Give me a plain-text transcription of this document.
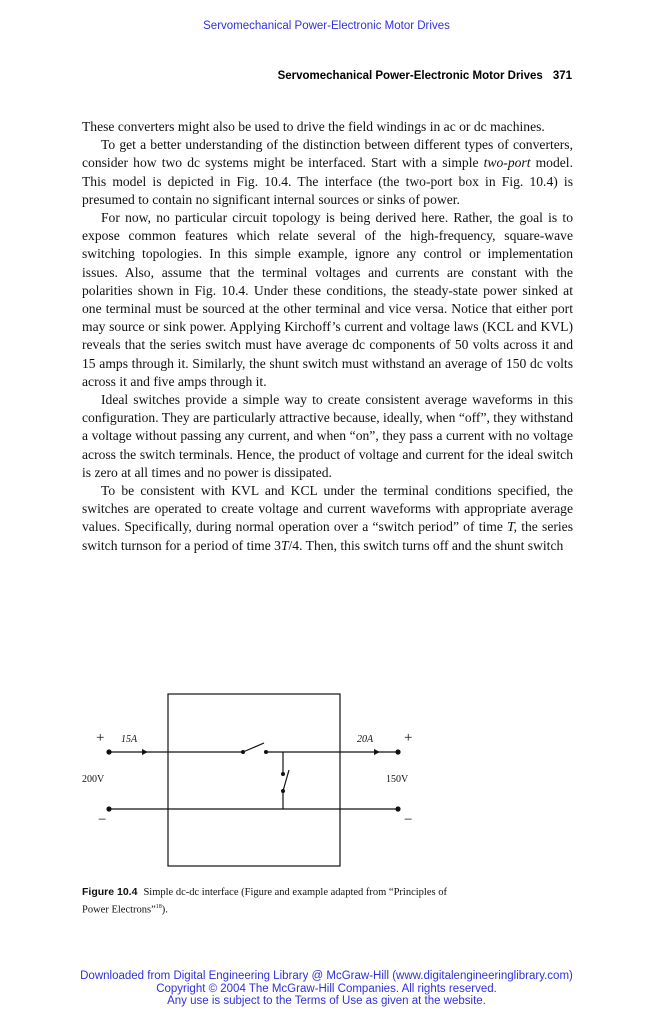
Servomechanical Power-Electronic Motor Drives
Servomechanical Power-Electronic Motor Drives 371

These converters might also be used to drive the field windings in ac or dc machines.

To get a better understanding of the distinction between different types of converters, consider how two dc systems might be interfaced. Start with a simple two-port model. This model is depicted in Fig. 10.4. The interface (the two-port box in Fig. 10.4) is presumed to contain no significant internal sources or sinks of power.

For now, no particular circuit topology is being derived here. Rather, the goal is to expose common features which relate several of the high-frequency, square-wave switching topologies. In this simple example, ignore any control or implementation issues. Also, assume that the terminal voltages and currents are constant with the polarities shown in Fig. 10.4. Under these conditions, the steady-state power sinked at one terminal must be sourced at the other terminal and vice versa. Notice that either port may source or sink power. Applying Kirchoff’s current and voltage laws (KCL and KVL) reveals that the series switch must have average dc components of 50 volts across it and 15 amps through it. Similarly, the shunt switch must withstand an average of 150 dc volts across it and five amps through it.

Ideal switches provide a simple way to create consistent average waveforms in this configuration. They are particularly attractive because, ideally, when “off”, they withstand a voltage without passing any current, and when “on”, they pass a current with no voltage across the switch terminals. Hence, the product of voltage and current for the ideal switch is zero at all times and no power is dissipated.

To be consistent with KVL and KCL under the terminal conditions specified, the switches are operated to create voltage and current waveforms with appropriate average values. Specifically, during normal operation over a “switch period” of time T, the series switch turnson for a period of time 3T/4. Then, this switch turns off and the shunt switch

+ 15A	20A +
200V	150V
−	−
Figure 10.4 Simple dc-dc interface (Figure and example adapted from “Principles of Power Electrons”$^{18}$).
Downloaded from Digital Engineering Library @ McGraw-Hill (www.digitalengineeringlibrary.com)
Copyright © 2004 The McGraw-Hill Companies. All rights reserved.
Any use is subject to the Terms of Use as given at the website.
